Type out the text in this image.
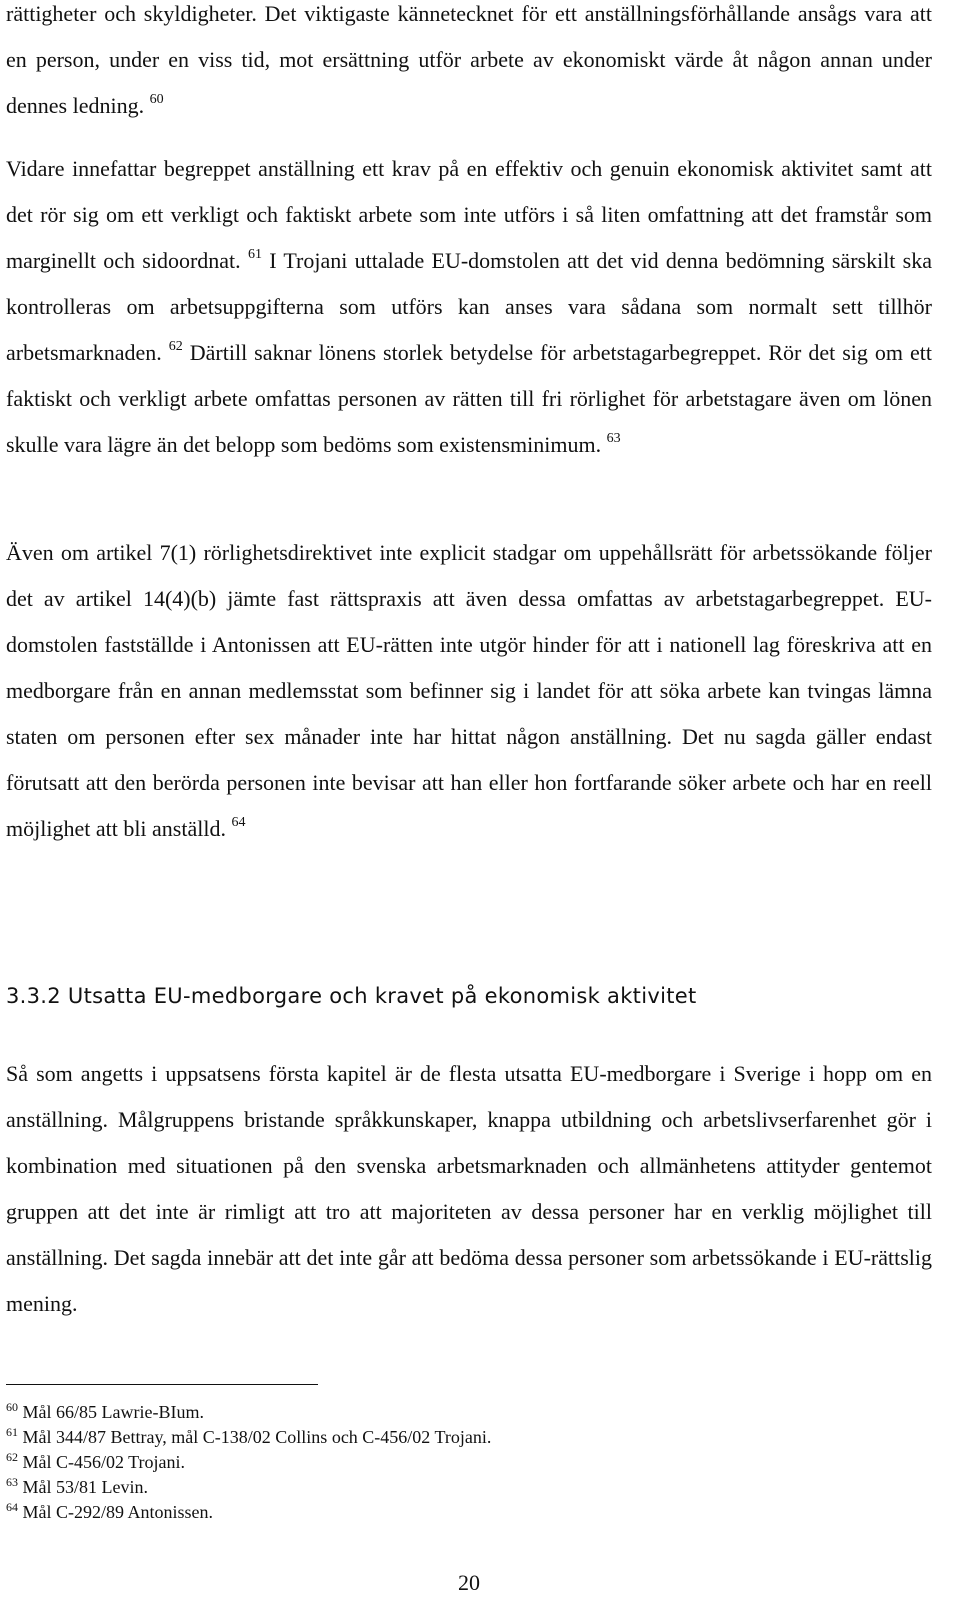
rättigheter och skyldigheter. Det viktigaste kännetecknet för ett anställningsförhållande ansågs vara att en person, under en viss tid, mot ersättning utför arbete av ekonomiskt värde åt någon annan under dennes ledning. $^{60}$

Vidare innefattar begreppet anställning ett krav på en effektiv och genuin ekonomisk aktivitet samt att det rör sig om ett verkligt och faktiskt arbete som inte utförs i så liten omfattning att det framstår som marginellt och sidoordnat. $^{61}$ I Trojani uttalade EU-domstolen att det vid denna bedömning särskilt ska kontrolleras om arbetsuppgifterna som utförs kan anses vara sådana som normalt sett tillhör arbetsmarknaden. $^{62}$ Därtill saknar lönens storlek betydelse för arbetstagarbegreppet. Rör det sig om ett faktiskt och verkligt arbete omfattas personen av rätten till fri rörlighet för arbetstagare även om lönen skulle vara lägre än det belopp som bedöms som existensminimum. $^{63}$

Även om artikel 7(1) rörlighetsdirektivet inte explicit stadgar om uppehållsrätt för arbetssökande följer det av artikel 14(4)(b) jämte fast rättspraxis att även dessa omfattas av arbetstagarbegreppet. EU-domstolen fastställde i Antonissen att EU-rätten inte utgör hinder för att i nationell lag föreskriva att en medborgare från en annan medlemsstat som befinner sig i landet för att söka arbete kan tvingas lämna staten om personen efter sex månader inte har hittat någon anställning. Det nu sagda gäller endast förutsatt att den berörda personen inte bevisar att han eller hon fortfarande söker arbete och har en reell möjlighet att bli anställd. $^{64}$

3.3.2 Utsatta EU-medborgare och kravet på ekonomisk aktivitet

Så som angetts i uppsatsens första kapitel är de flesta utsatta EU-medborgare i Sverige i hopp om en anställning. Målgruppens bristande språkkunskaper, knappa utbildning och arbetslivserfarenhet gör i kombination med situationen på den svenska arbetsmarknaden och allmänhetens attityder gentemot gruppen att det inte är rimligt att tro att majoriteten av dessa personer har en verklig möjlighet till anställning. Det sagda innebär att det inte går att bedöma dessa personer som arbetssökande i EU-rättslig mening.

$^{60}$ Mål 66/85 Lawrie-BIum.
$^{61}$ Mål 344/87 Bettray, mål C-138/02 Collins och C-456/02 Trojani.
$^{62}$ Mål C-456/02 Trojani.
$^{63}$ Mål 53/81 Levin.
$^{64}$ Mål C-292/89 Antonissen.
20
